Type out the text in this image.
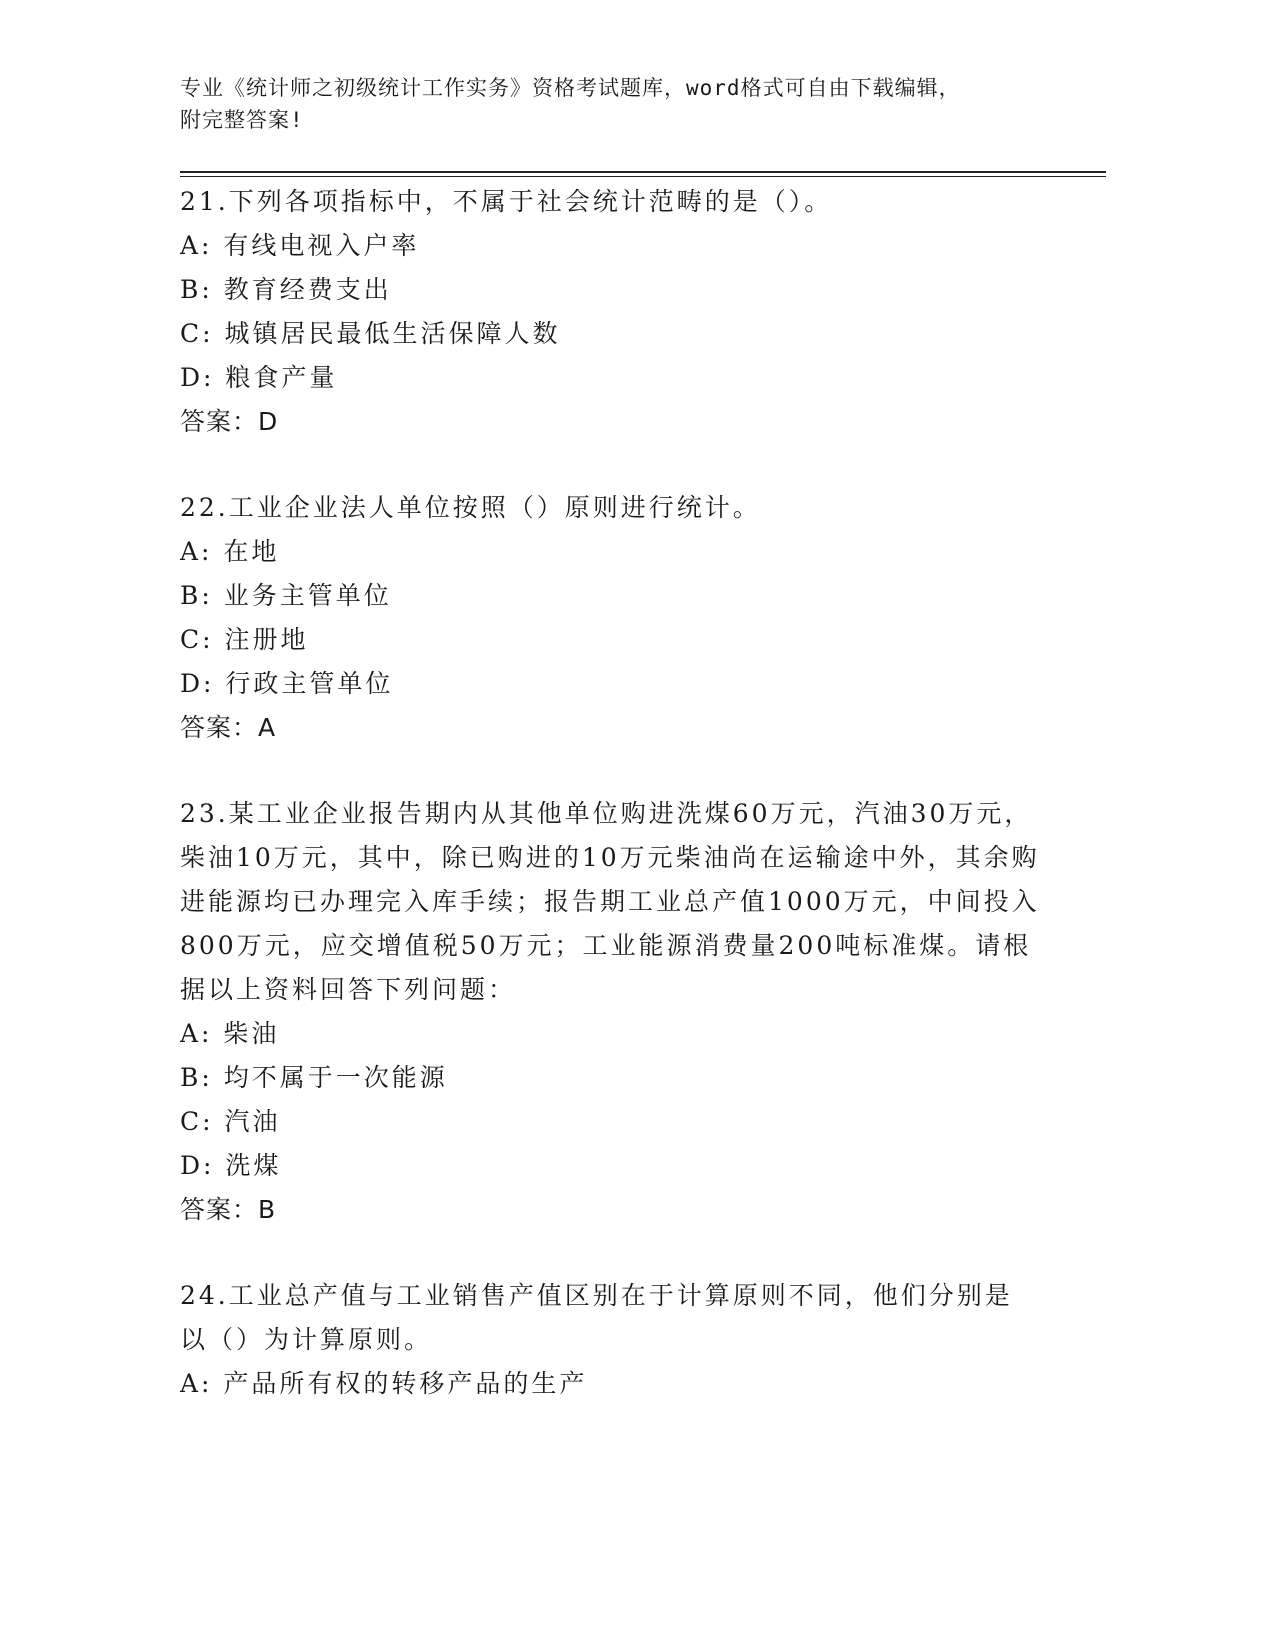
专业《统计师之初级统计工作实务》资格考试题库，word格式可自由下载编辑，

附完整答案!

21.下列各项指标中，不属于社会统计范畴的是（）。

A: 有线电视入户率

B: 教育经费支出

C: 城镇居民最低生活保障人数

D: 粮食产量

答案：D

22.工业企业法人单位按照（）原则进行统计。

A: 在地

B: 业务主管单位

C: 注册地

D: 行政主管单位

答案：A

23.某工业企业报告期内从其他单位购进洗煤60万元，汽油30万元，柴油10万元，其中，除已购进的10万元柴油尚在运输途中外，其余购进能源均已办理完入库手续；报告期工业总产值1000万元，中间投入800万元，应交增值税50万元；工业能源消费量200吨标准煤。请根据以上资料回答下列问题：

A: 柴油

B: 均不属于一次能源

C: 汽油

D: 洗煤

答案：B

24.工业总产值与工业销售产值区别在于计算原则不同，他们分别是以（）为计算原则。

A: 产品所有权的转移产品的生产
